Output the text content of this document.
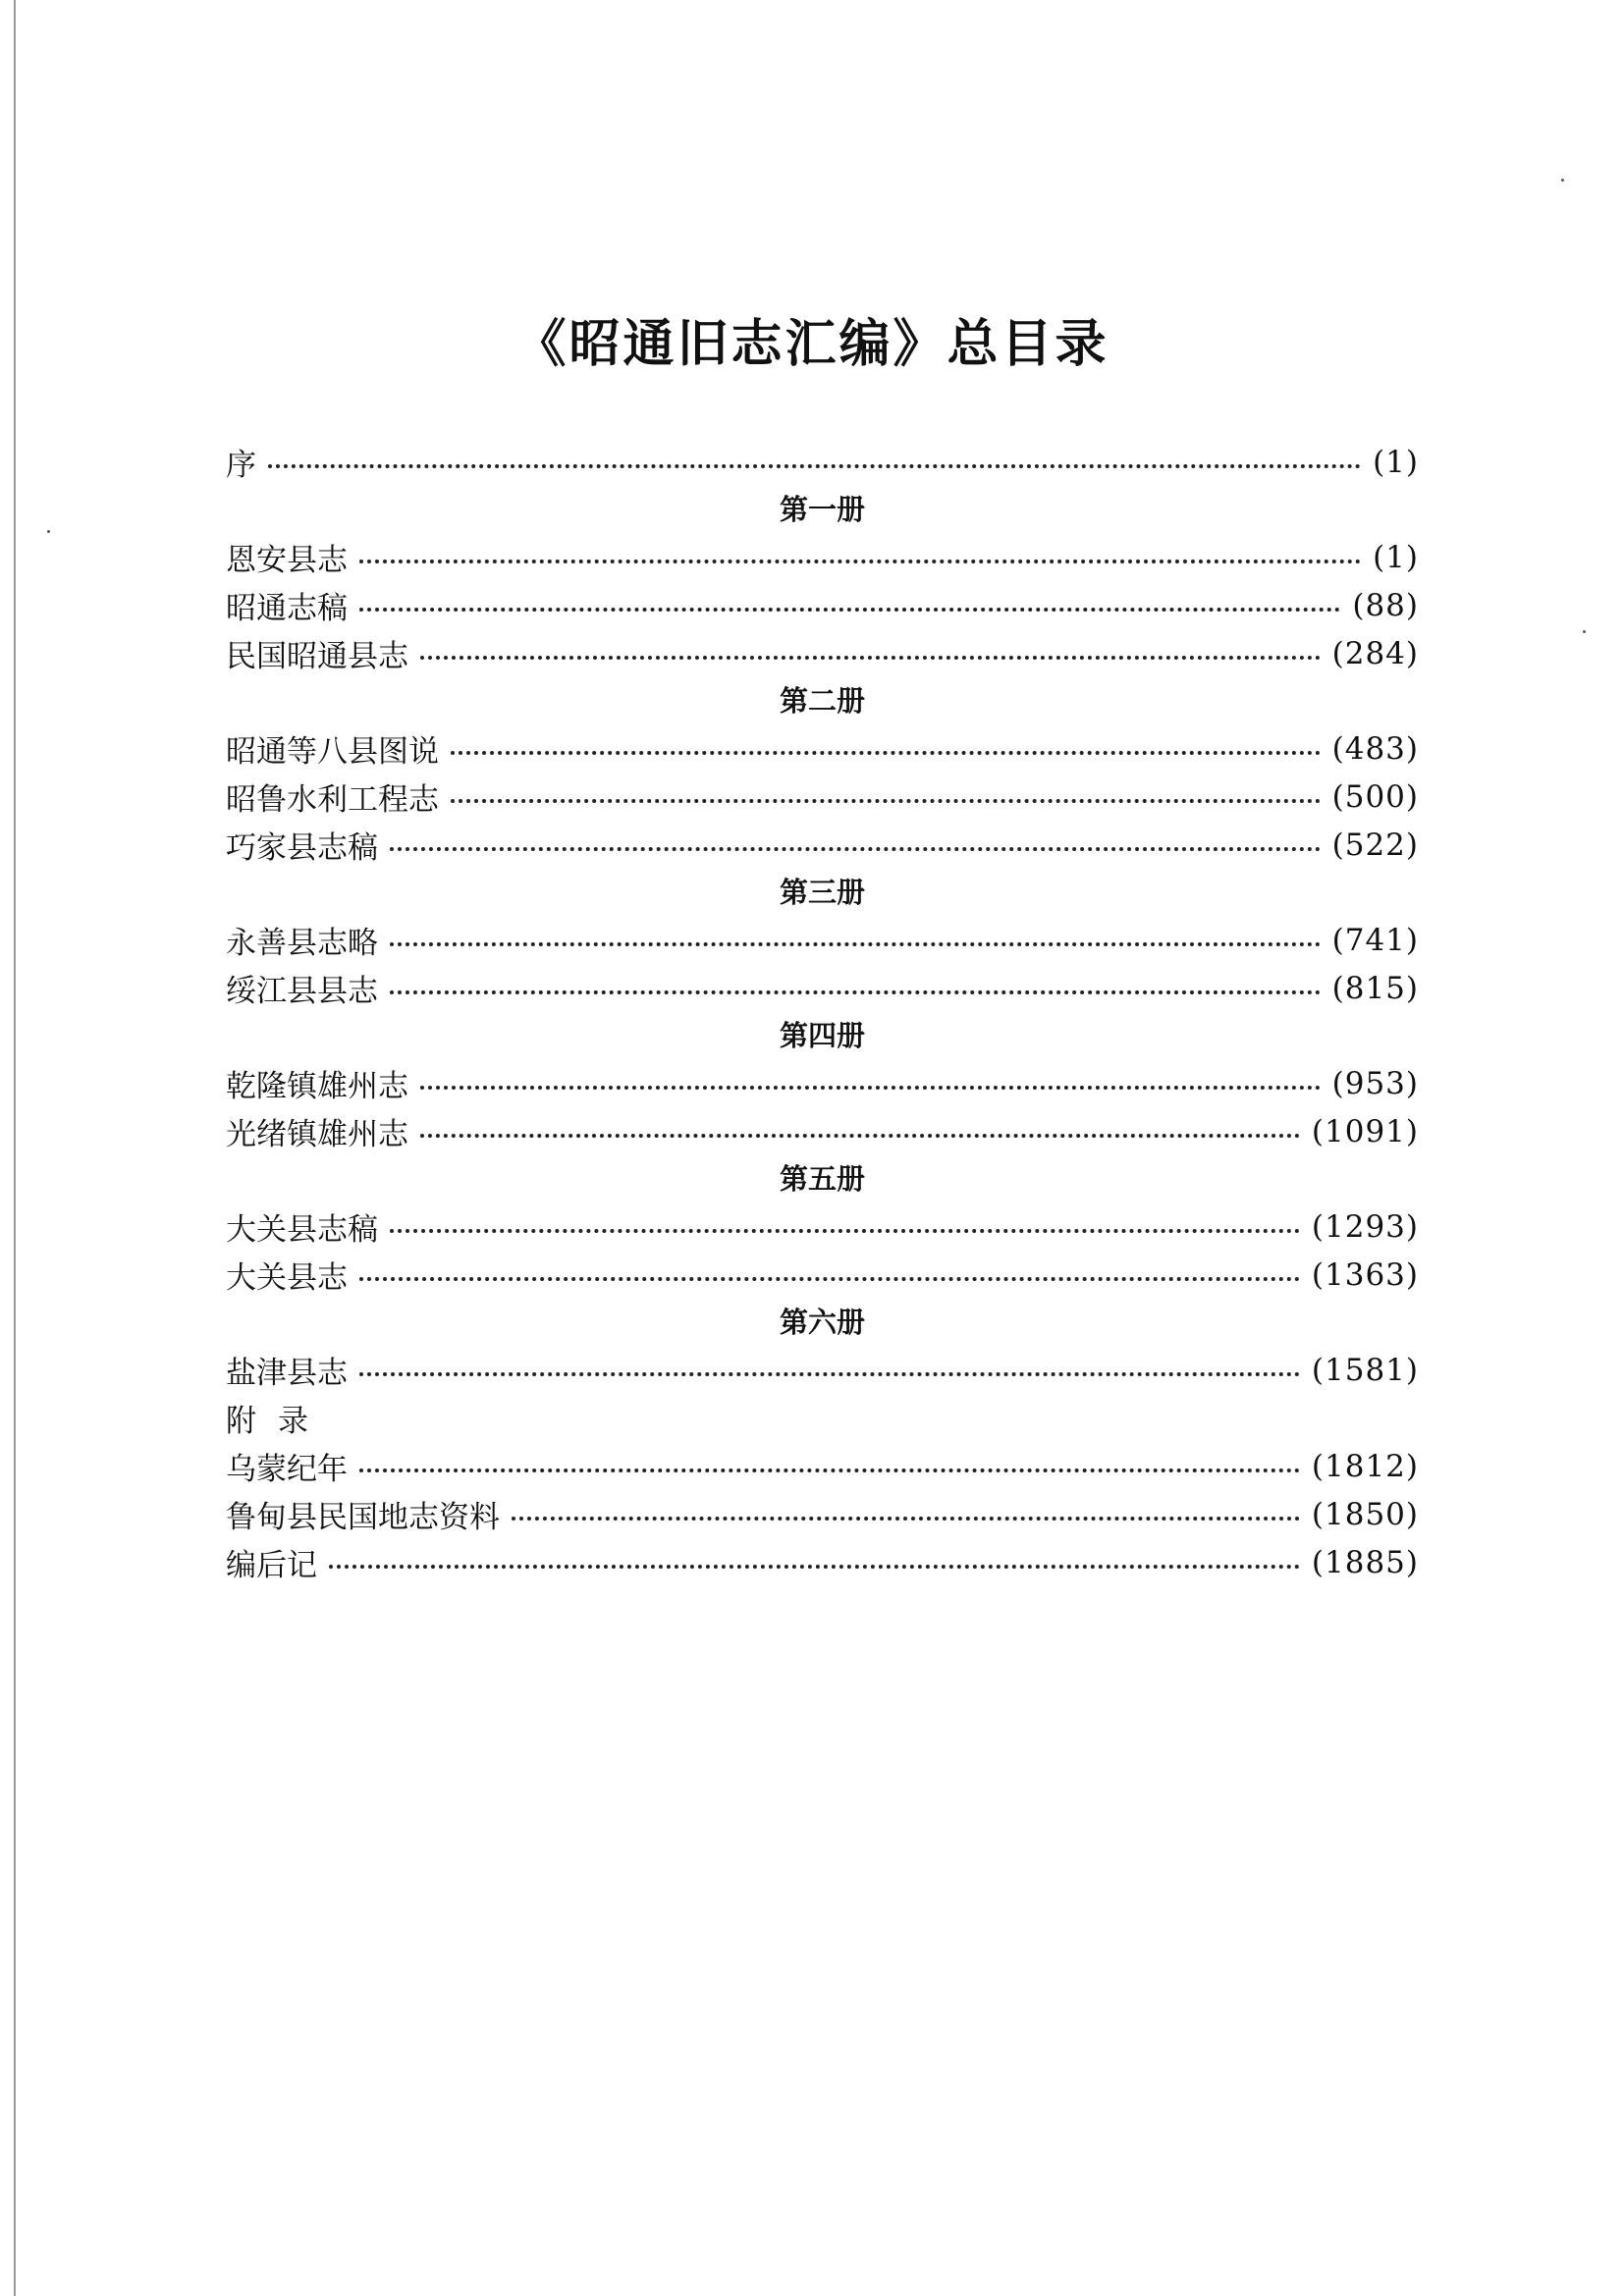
《昭通旧志汇编》总目录
序	(1)
第一册
恩安县志	(1)
昭通志稿	(88)
民国昭通县志	(284)
第二册
昭通等八县图说	(483)
昭鲁水利工程志	(500)
巧家县志稿	(522)
第三册
永善县志略	(741)
绥江县县志	(815)
第四册
乾隆镇雄州志	(953)
光绪镇雄州志	(1091)
第五册
大关县志稿	(1293)
大关县志	(1363)
第六册
盐津县志	(1581)
附录
乌蒙纪年	(1812)
鲁甸县民国地志资料	(1850)
编后记	(1885)
